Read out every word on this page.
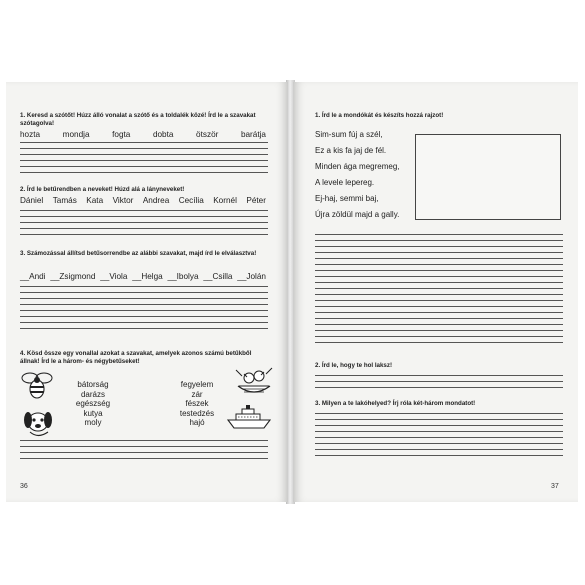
1. Keresd a szótőt! Húzz álló vonalat a szótő és a toldalék közé! Írd le a szavakat szótagolva!
hozta	mondja	fogta	dobta	ötször	barátja
2. Írd le betűrendben a neveket! Húzd alá a lányneveket!
Dániel Tamás Kata Viktor Andrea Cecília Kornél Péter
3. Számozással állítsd betűsorrendbe az alábbi szavakat, majd írd le elválasztva!
__Andi __Zsigmond __Viola __Helga __Ibolya __Csilla __Jolán
4. Kösd össze egy vonallal azokat a szavakat, amelyek azonos számú betűkből állnak! Írd le a három- és négybetűseket!
bátorság
darázs
egészség
kutya
moly
fegyelem
zár
fészek
testedzés
hajó
36
1. Írd le a mondókát és készíts hozzá rajzot!
Sim-sum fúj a szél,
Ez a kis fa jaj de fél.
Minden ága megremeg,
A levele lepereg.
Ej-haj, semmi baj,
Újra zöldül majd a gally.
2. Írd le, hogy te hol laksz!
3. Milyen a te lakóhelyed? Írj róla két-három mondatot!
37
